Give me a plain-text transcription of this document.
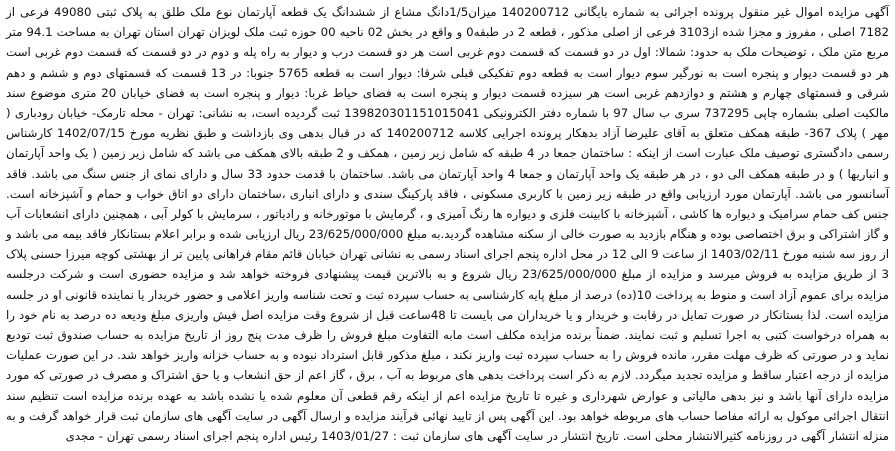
آگهی مزایده اموال غیر منقول پرونده اجرائی به شماره بایگانی 140200712 میزان1/5دانگ مشاع از ششدانگ یک قطعه آپارتمان نوع ملک طلق به پلاک ثبتی 49080 فرعی از 7182 اصلی ، مفروز و مجزا شده از3103 فرعی از اصلی مذکور ، قطعه 2 در طبقه0 و واقع در بخش 02 ناحیه 00 حوزه ثبت ملک لویزان تهران استان تهران به مساحت 94.1 متر مربع متن ملک ، توضیحات ملک به حدود: شمالا: اول در دو قسمت که قسمت دوم غربی است هر دو قسمت درب و دیوار به راه پله و دوم در دو قسمت که قسمت دوم غربی است هر دو قسمت دیوار و پنجره است به نورگیر سوم دیوار است به قطعه دوم تفکیکی قبلی شرقا: دیوار است به قطعه 5765 جنوبا: در 13 قسمت که قسمتهای دوم و ششم و دهم شرقی و قسمتهای چهارم و هشتم و دوازدهم غربی است هر سیزده قسمت دیوار و پنجره است به فضای حیاط غربا: دیوار و پنجره است به فضای خیابان 20 متری موضوع سند مالکیت اصلی بشماره چاپی 737295 سری ب سال 97 با شماره دفتر الکترونیکی 139820301151015041 ثبت گردیده است، به نشانی: تهران - محله تارمک- خیابان رودباری ( مهر ) پلاک 367- طبقه همکف متعلق به آقای علیرضا آزاد بدهکار پرونده اجرایی کلاسه 140200712 که در قبال بدهی وی بازداشت و طبق نظریه مورخ 1402/07/15 کارشناس رسمی دادگستری توصیف ملک عبارت است از اینکه : ساختمان جمعا در 4 طبقه که شامل زیر زمین ، همکف و 2 طبقه بالای همکف می باشد که شامل زیر زمین ( یک واحد آپارتمان و انباریها ) و در طبقه همکف الی دو ، در هر طبقه یک واحد آپارتمان و جمعا 4 واحد آپارتمان می باشد. ساختمان با قدمت حدود 33 سال و دارای نمای از جنس سنگ می باشد. فاقد آسانسور می باشد. آپارتمان مورد ارزیابی واقع در طبقه زیر زمین با کاربری مسکونی ، فاقد پارکینگ سندی و دارای انباری ،ساختمان دارای دو اتاق خواب و حمام و آشپزخانه است. جنس کف حمام سرامیک و دیواره ها کاشی ، آشپزخانه با کابینت فلزی و دیواره ها رنگ آمیزی و ، گرمایش با موتورخانه و رادیاتور ، سرمایش با کولر آبی ، همچنین دارای انشعابات آب و گاز اشتراکی و برق اختصاصی بوده و هنگام بازدید به صورت خالی از سکنه مشاهده گردید.به مبلغ 23/625/000/000 ریال ارزیابی شده و برابر اعلام بستانکار فاقد بیمه می باشد و از روز سه شنبه مورخ 1403/02/11 از ساعت 9 الی 12 در محل اداره پنجم اجرای اسناد رسمی به نشانی تهران خیابان قائم مقام فراهانی پایین تر از بهشتی کوچه میرزا حسنی پلاک 3 از طریق مزایده به فروش میرسد و مزایده از مبلغ 23/625/000/000 ریال شروع و به بالاترین قیمت پیشنهادی فروخته خواهد شد و مزایده حضوری است و شرکت درجلسه مزایده برای عموم آزاد است و منوط به پرداخت 10(ده) درصد از مبلغ پایه کارشناسی به حساب سپرده ثبت و تحت شناسه واریز اعلامی و حضور خریدار یا نماینده قانونی او در جلسه مزایده است. لذا بستانکار در صورت تمایل در رقابت و خریدار و یا خریداران می بایست تا 48ساعت قبل از شروع وقت مزایده اصل فیش واریزی مبلغ ودیعه ده درصد به نام خود را به همراه درخواست کتبی به اجرا تسلیم و ثبت نمایند. ضمناً برنده مزایده مکلف است مابه التفاوت مبلغ فروش را ظرف مدت پنج روز از تاریخ مزایده به حساب صندوق ثبت تودیع نماید و در صورتی که ظرف مهلت مقرر، مانده فروش را به حساب سپرده ثبت واریز نکند ، مبلغ مذکور قابل استرداد نبوده و به حساب خزانه واریز خواهد شد. در این صورت عملیات مزایده از درجه اعتبار ساقط و مزایده تجدید میگردد. لازم به ذکر است پرداخت بدهی های مربوط به آب ، برق ، گاز اعم از حق انشعاب و یا حق اشتراک و مصرف در صورتی که مورد مزایده دارای آنها باشد و نیز بدهی مالیاتی و عوارض شهرداری و غیره تا تاریخ مزایده اعم از اینکه رقم قطعی آن معلوم شده یا نشده باشد به عهده برنده مزایده است تنظیم سند انتقال اجرائی موکول به ارائه مفاصا حساب های مربوطه خواهد بود. این آگهی پس از تایید نهائی فرآیند مزایده و ارسال آگهی در سایت آگهی های سازمان ثبت قرار خواهد گرفت و به منزله انتشار آگهی در روزنامه کثیرالانتشار محلی است. تاریخ انتشار در سایت آگهی های سازمان ثبت : 1403/01/27 رئیس اداره پنجم اجرای اسناد رسمی تهران - مجدی
